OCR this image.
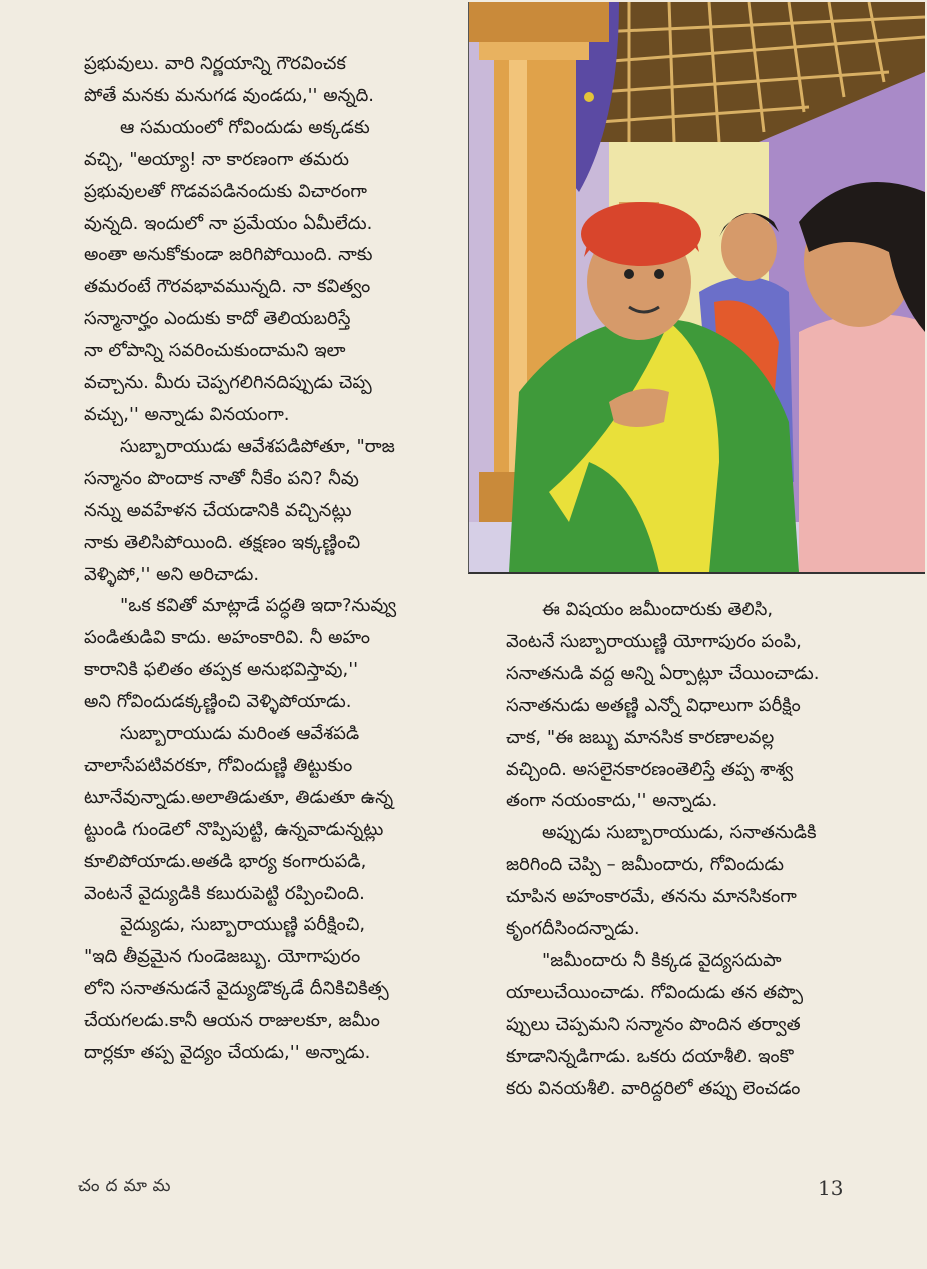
ప్రభువులు. వారి నిర్ణయాన్ని గౌరవించక
పోతే మనకు మనుగడ వుండదు,'' అన్నది.
ఆ సమయంలో గోవిందుడు అక్కడకు
వచ్చి, "అయ్యా! నా కారణంగా తమరు
ప్రభువులతో గొడవపడినందుకు విచారంగా
వున్నది. ఇందులో నా ప్రమేయం ఏమీలేదు.
అంతా అనుకోకుండా జరిగిపోయింది. నాకు
తమరంటే గౌరవభావమున్నది. నా కవిత్వం
సన్మానార్హం ఎందుకు కాదో తెలియబరిస్తే
నా లోపాన్ని సవరించుకుందామని ఇలా
వచ్చాను. మీరు చెప్పగలిగినదిప్పుడు చెప్ప
వచ్చు,'' అన్నాడు వినయంగా.
సుబ్బారాయుడు ఆవేశపడిపోతూ, "రాజ
సన్మానం పొందాక నాతో నీకేం పని? నీవు
నన్ను అవహేళన చేయడానికి వచ్చినట్లు
నాకు తెలిసిపోయింది. తక్షణం ఇక్కణ్ణించి
వెళ్ళిపో,'' అని అరిచాడు.
"ఒక కవితో మాట్లాడే పద్ధతి ఇదా?నువ్వు
పండితుడివి కాదు. అహంకారివి. నీ అహం
కారానికి ఫలితం తప్పక అనుభవిస్తావు,''
అని గోవిందుడక్కణ్ణించి వెళ్ళిపోయాడు.
సుబ్బారాయుడు మరింత ఆవేశపడి
చాలాసేపటివరకూ, గోవిందుణ్ణి తిట్టుకుం
టూనేవున్నాడు.అలాతిడుతూ, తిడుతూ ఉన్న
ట్టుండి గుండెలో నొప్పిపుట్టి, ఉన్నవాడున్నట్లు
కూలిపోయాడు.అతడి భార్య కంగారుపడి,
వెంటనే వైద్యుడికి కబురుపెట్టి రప్పించింది.
వైద్యుడు, సుబ్బారాయుణ్ణి పరీక్షించి,
"ఇది తీవ్రమైన గుండెజబ్బు. యోగాపురం
లోని సనాతనుడనే వైద్యుడొక్కడే దీనికిచికిత్స
చేయగలడు.కానీ ఆయన రాజులకూ, జమీం
దార్లకూ తప్ప వైద్యం చేయడు,'' అన్నాడు.
ఈ విషయం జమీందారుకు తెలిసి,
వెంటనే సుబ్బారాయుణ్ణి యోగాపురం పంపి,
సనాతనుడి వద్ద అన్ని ఏర్పాట్లూ చేయించాడు.
సనాతనుడు అతణ్ణి ఎన్నో విధాలుగా పరీక్షిం
చాక, "ఈ జబ్బు మానసిక కారణాలవల్ల
వచ్చింది. అసలైనకారణంతెలిస్తే తప్ప శాశ్వ
తంగా నయంకాదు,'' అన్నాడు.
అప్పుడు సుబ్బారాయుడు, సనాతనుడికి
జరిగింది చెప్పి – జమీందారు, గోవిందుడు
చూపిన అహంకారమే, తనను మానసికంగా
కృంగదీసిందన్నాడు.
"జమీందారు నీ కిక్కడ వైద్యసదుపా
యాలుచేయించాడు. గోవిందుడు తన తప్పొ
ప్పులు చెప్పమని సన్మానం పొందిన తర్వాత
కూడానిన్నడిగాడు. ఒకరు దయాశీలి. ఇంకొ
కరు వినయశీలి. వారిద్దరిలో తప్పు లెంచడం
చందమామ	13
